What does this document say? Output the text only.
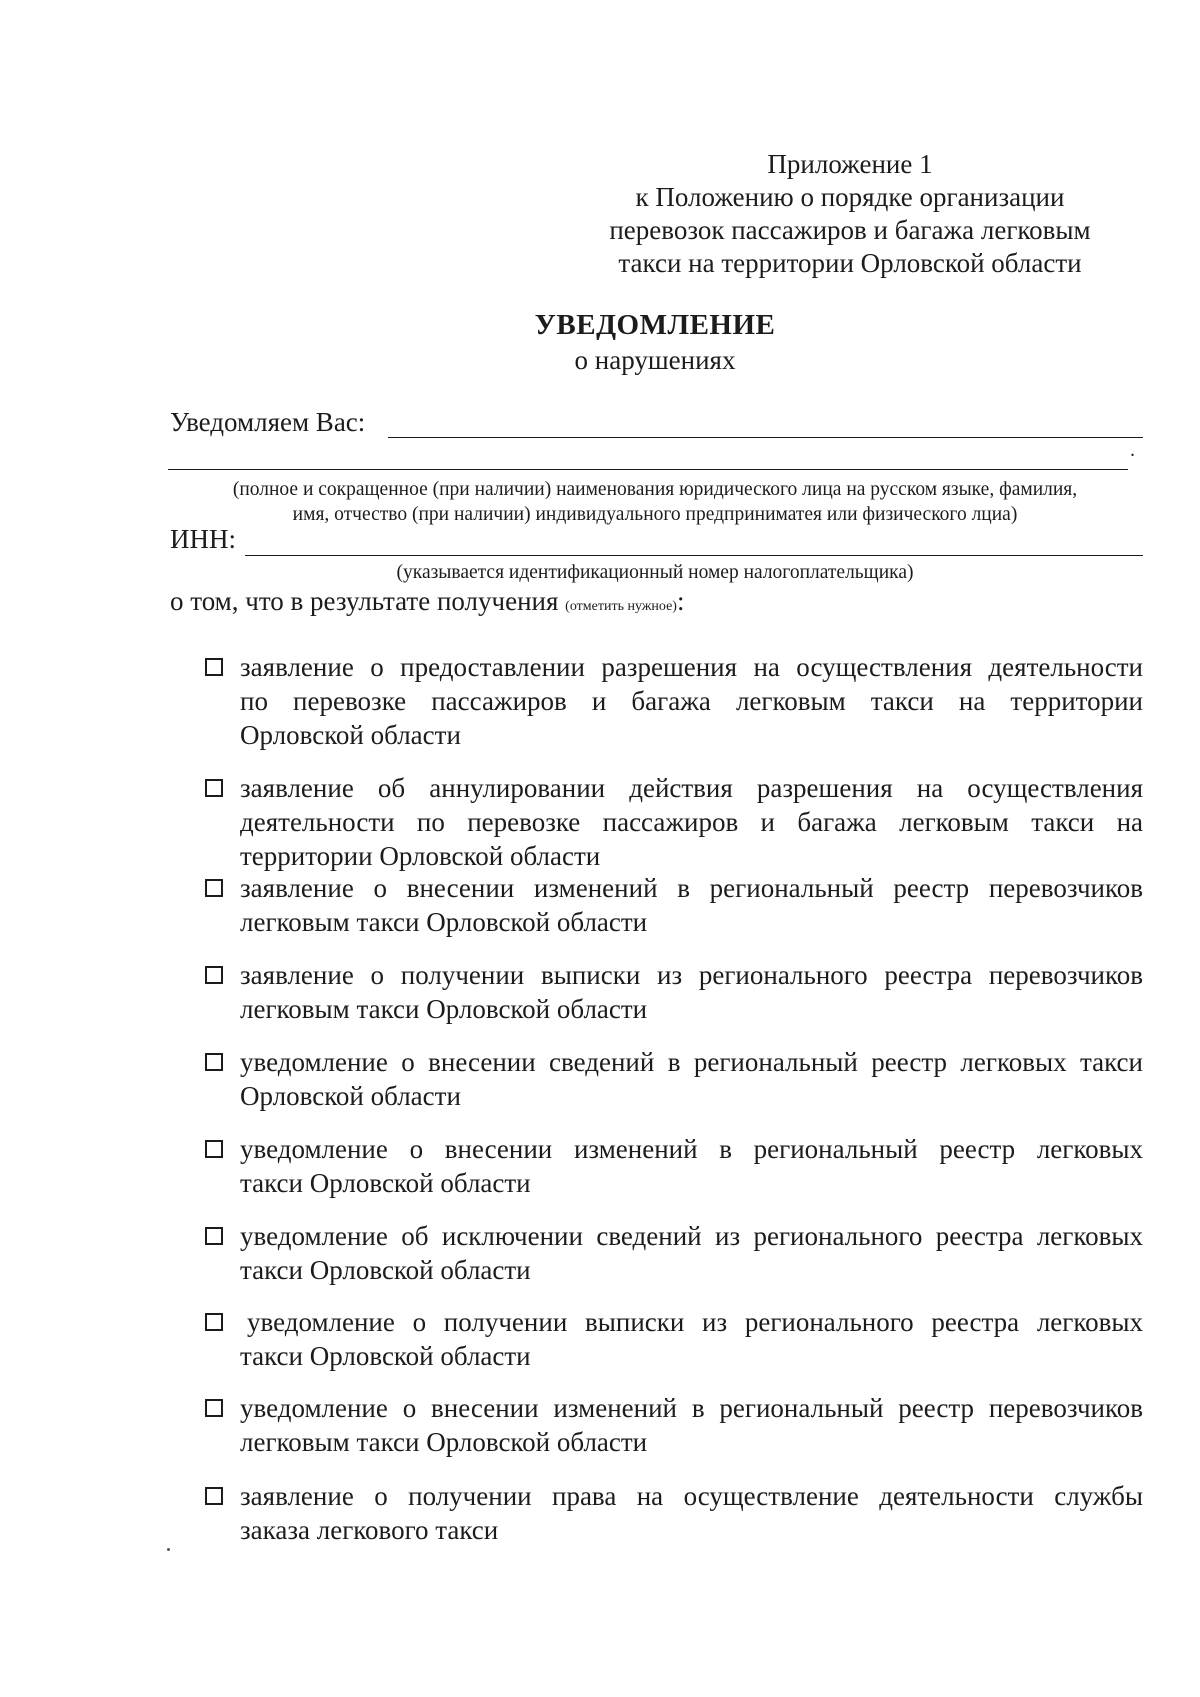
Приложение 1
к Положению о порядке организации
перевозок пассажиров и багажа легковым
такси на территории Орловской области
УВЕДОМЛЕНИЕ
о нарушениях
Уведомляем Вас:
.
(полное и сокращенное (при наличии) наименования юридического лица на русском языке, фамилия,
имя, отчество (при наличии) индивидуального предприниматея или физического лциа)
ИНН:
(указывается идентификационный номер налогоплательщика)
о том, что в результате получения (отметить нужное):
заявление о предоставлении разрешения на осуществления деятельности
по перевозке пассажиров и багажа легковым такси на территории
Орловской области
заявление об аннулировании действия разрешения на осуществления
деятельности по перевозке пассажиров и багажа легковым такси на
территории Орловской области
заявление о внесении изменений в региональный реестр перевозчиков
легковым такси Орловской области
заявление о получении выписки из регионального реестра перевозчиков
легковым такси Орловской области
уведомление о внесении сведений в региональный реестр легковых такси
Орловской области
уведомление о внесении изменений в региональный реестр легковых
такси Орловской области
уведомление об исключении сведений из регионального реестра легковых
такси Орловской области
уведомление о получении выписки из регионального реестра легковых
такси Орловской области
уведомление о внесении изменений в региональный реестр перевозчиков
легковым такси Орловской области
заявление о получении права на осуществление деятельности службы
заказа легкового такси
